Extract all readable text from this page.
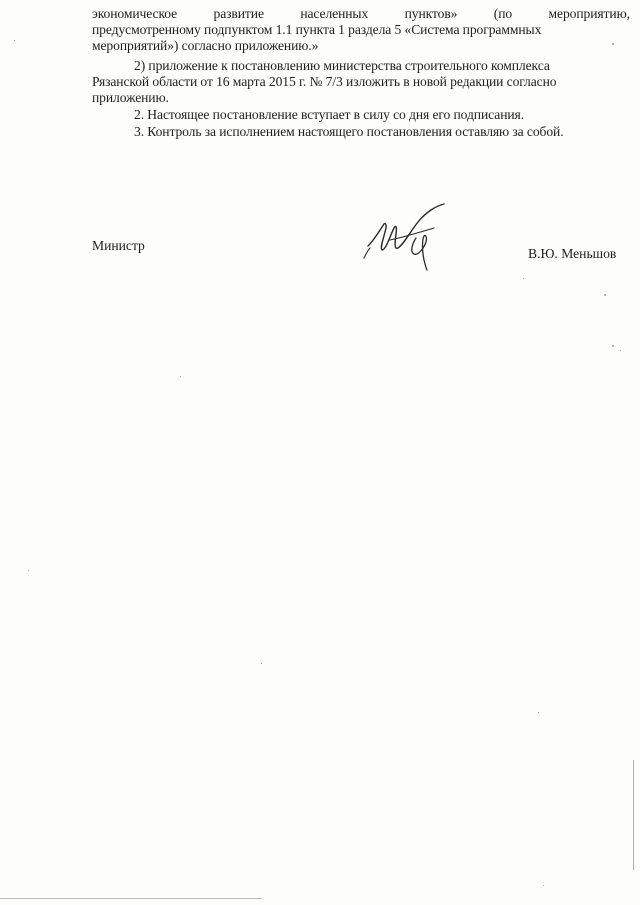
экономическое	развитие	населенных	пунктов»	(по	мероприятию,
предусмотренному подпунктом 1.1 пункта 1 раздела 5 «Система программных
мероприятий») согласно приложению.»
2) приложение к постановлению министерства строительного комплекса
Рязанской области от 16 марта 2015 г. № 7/3 изложить в новой редакции согласно
приложению.
2. Настоящее постановление вступает в силу со дня его подписания.
3. Контроль за исполнением настоящего постановления оставляю за собой.
Министр
В.Ю. Меньшов
